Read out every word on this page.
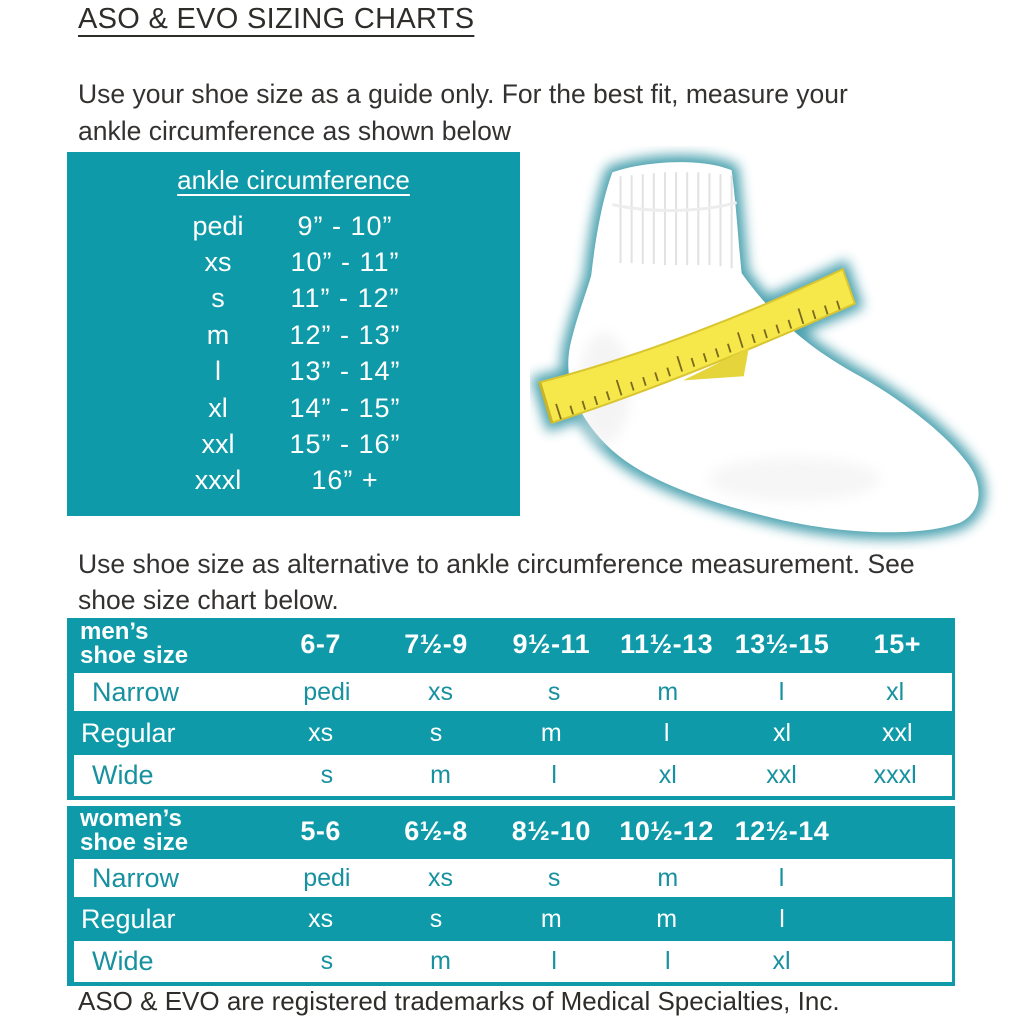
ASO & EVO SIZING CHARTS
Use your shoe size as a guide only. For the best fit, measure your
ankle circumference as shown below
ankle circumference
pedi	9” - 10”
xs	10” - 11”
s	11” - 12”
m	12” - 13”
l	13” - 14”
xl	14” - 15”
xxl	15” - 16”
xxxl	16” +
Use shoe size as alternative to ankle circumference measurement. See
shoe size chart below.
men’s
shoe size	6-7	7½-9	9½-11	11½-13 13½-15	15+
Narrow	pedi	xs	s	m	l	xl
Regular	xs	s	m	l	xl	xxl
Wide	s	m	l	xl	xxl	xxxl
women’s
shoe size	5-6	6½-8	8½-10	10½-12 12½-14
Narrow	pedi	xs	s	m	l
Regular	xs	s	m	m	l
Wide	s	m	l	l	xl
ASO & EVO are registered trademarks of Medical Specialties, Inc.
